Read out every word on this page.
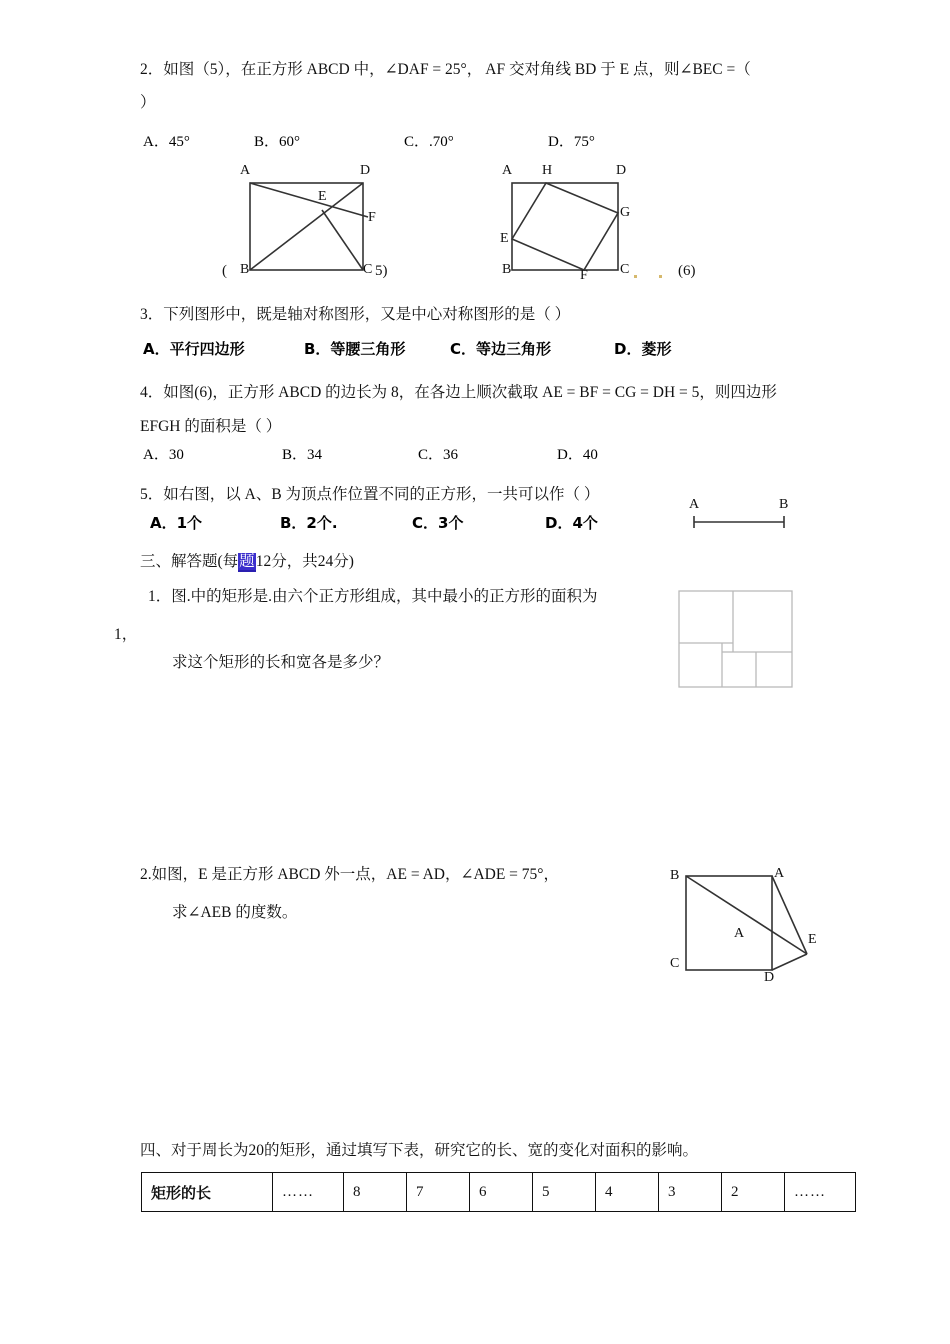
2．如图（5），在正方形 ABCD 中，∠DAF = 25°， AF 交对角线 BD 于 E 点，则∠BEC =（
）
A．45°	B．60°	C．.70°	D．75°
A	D
B	C
E
F
(	5)
A H	D
G
E
B	F C	(6)
3．下列图形中，既是轴对称图形，又是中心对称图形的是（ ）
A．平行四边形	B．等腰三角形	C．等边三角形	D．菱形
4．如图(6)，正方形 ABCD 的边长为 8，在各边上顺次截取 AE = BF = CG = DH = 5，则四边形
EFGH 的面积是（ ）
A．30	B．34	C．36	D．40
5．如右图，以 A、B 为顶点作位置不同的正方形，一共可以作（ ）
A．1个	B．2个.	C．3个	D．4个
A	B
三、解答题(每题12分，共24分)
1．图.中的矩形是.由六个正方形组成，其中最小的正方形的面积为
1，
求这个矩形的长和宽各是多少？
2.如图，E 是正方形 ABCD 外一点，AE = AD，∠ADE = 75°，
求∠AEB 的度数。
B	A
A
C
D
E
四、对于周长为20的矩形，通过填写下表，研究它的长、宽的变化对面积的影响。
矩形的长	……	8	7	6	5	4	3	2	……
